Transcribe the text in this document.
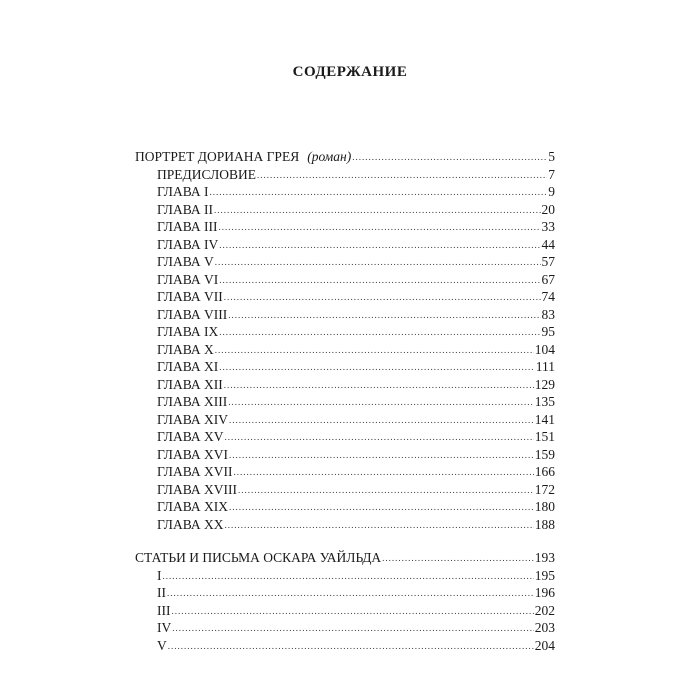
СОДЕРЖАНИЕ
ПОРТРЕТ ДОРИАНА ГРЕЯ (роман) .....	5
ПРЕДИСЛОВИЕ .....	7
ГЛАВА I .....	9
ГЛАВА II .....	20
ГЛАВА III .....	33
ГЛАВА IV .....	44
ГЛАВА V .....	57
ГЛАВА VI .....	67
ГЛАВА VII .....	74
ГЛАВА VIII .....	83
ГЛАВА IX .....	95
ГЛАВА X .....	104
ГЛАВА XI .....	111
ГЛАВА XII .....	129
ГЛАВА XIII .....	135
ГЛАВА XIV .....	141
ГЛАВА XV .....	151
ГЛАВА XVI .....	159
ГЛАВА XVII .....	166
ГЛАВА XVIII .....	172
ГЛАВА XIX .....	180
ГЛАВА XX .....	188
СТАТЬИ И ПИСЬМА ОСКАРА УАЙЛЬДА .....	193
I .....	195
II .....	196
III .....	202
IV .....	203
V .....	204
